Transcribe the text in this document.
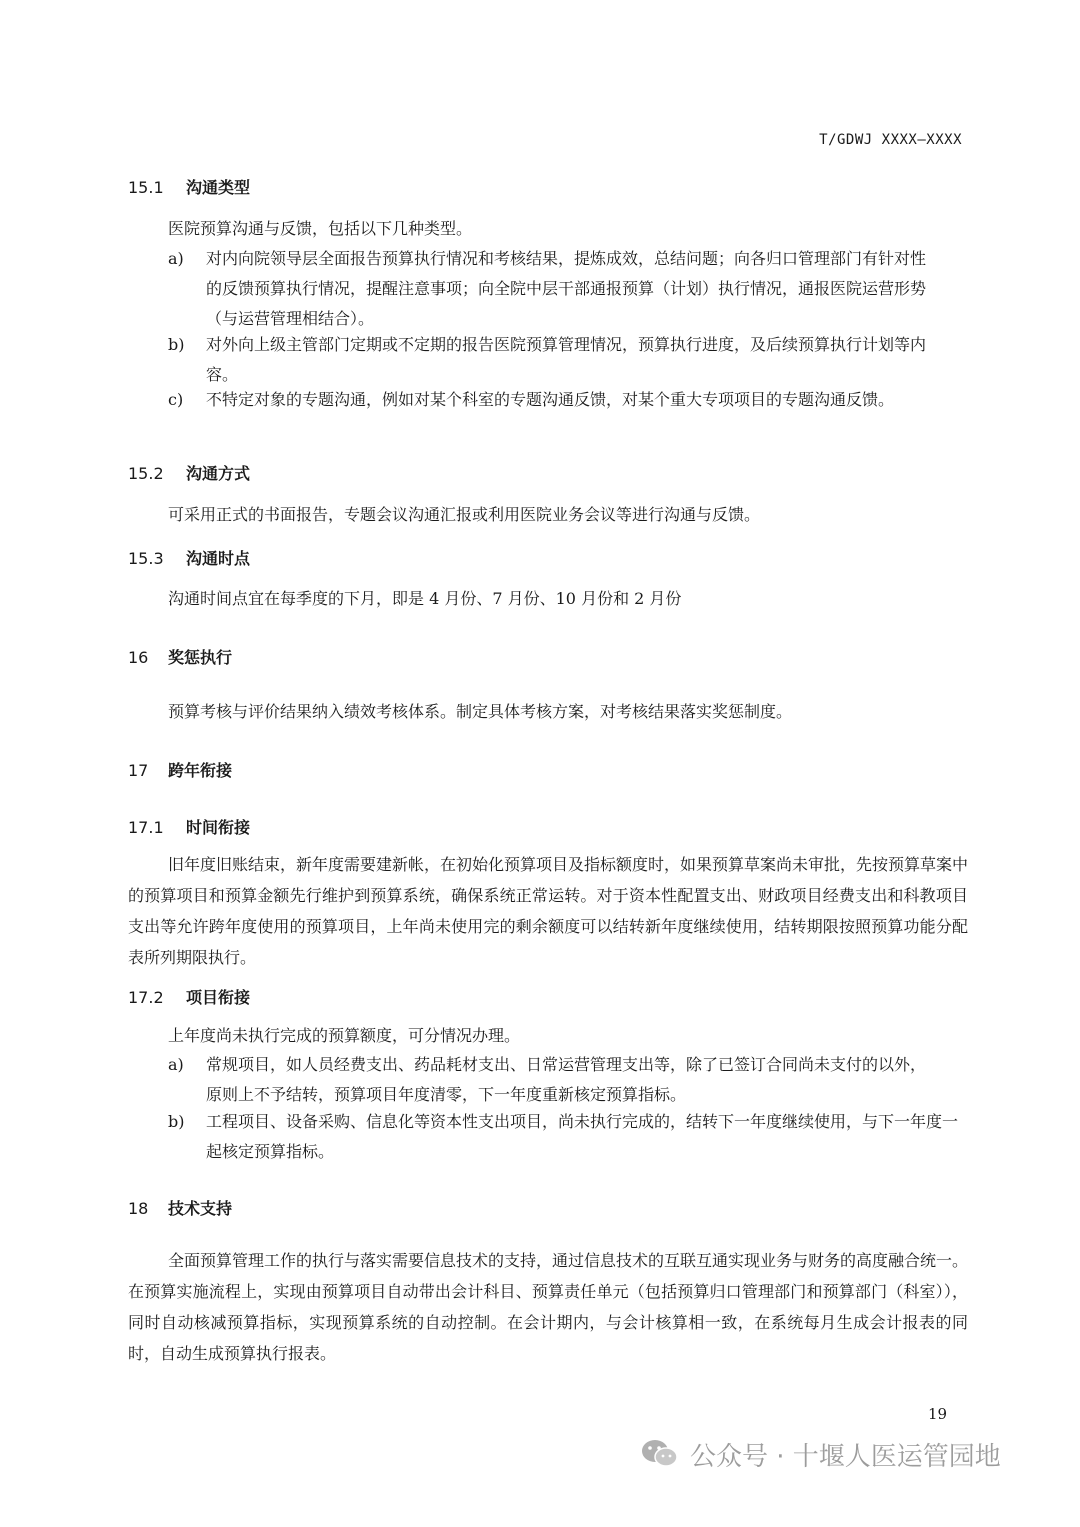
T/GDWJ XXXX—XXXX
15.1 沟通类型
医院预算沟通与反馈，包括以下几种类型。
a) 对内向院领导层全面报告预算执行情况和考核结果，提炼成效，总结问题；向各归口管理部门有针对性的反馈预算执行情况，提醒注意事项；向全院中层干部通报预算（计划）执行情况，通报医院运营形势（与运营管理相结合）。
b) 对外向上级主管部门定期或不定期的报告医院预算管理情况，预算执行进度，及后续预算执行计划等内容。
c) 不特定对象的专题沟通，例如对某个科室的专题沟通反馈，对某个重大专项项目的专题沟通反馈。
15.2 沟通方式
可采用正式的书面报告，专题会议沟通汇报或利用医院业务会议等进行沟通与反馈。
15.3 沟通时点
沟通时间点宜在每季度的下月，即是 4 月份、7 月份、10 月份和 2 月份
16 奖惩执行
预算考核与评价结果纳入绩效考核体系。制定具体考核方案，对考核结果落实奖惩制度。
17 跨年衔接
17.1 时间衔接
旧年度旧账结束，新年度需要建新帐，在初始化预算项目及指标额度时，如果预算草案尚未审批，先按预算草案中的预算项目和预算金额先行维护到预算系统，确保系统正常运转。对于资本性配置支出、财政项目经费支出和科教项目支出等允许跨年度使用的预算项目，上年尚未使用完的剩余额度可以结转新年度继续使用，结转期限按照预算功能分配表所列期限执行。
17.2 项目衔接
上年度尚未执行完成的预算额度，可分情况办理。
a) 常规项目，如人员经费支出、药品耗材支出、日常运营管理支出等，除了已签订合同尚未支付的以外，原则上不予结转，预算项目年度清零，下一年度重新核定预算指标。
b) 工程项目、设备采购、信息化等资本性支出项目，尚未执行完成的，结转下一年度继续使用，与下一年度一起核定预算指标。
18 技术支持
全面预算管理工作的执行与落实需要信息技术的支持，通过信息技术的互联互通实现业务与财务的高度融合统一。在预算实施流程上，实现由预算项目自动带出会计科目、预算责任单元（包括预算归口管理部门和预算部门（科室）），同时自动核减预算指标，实现预算系统的自动控制。在会计期内，与会计核算相一致，在系统每月生成会计报表的同时，自动生成预算执行报表。
19
公众号 · 十堰人医运管园地
